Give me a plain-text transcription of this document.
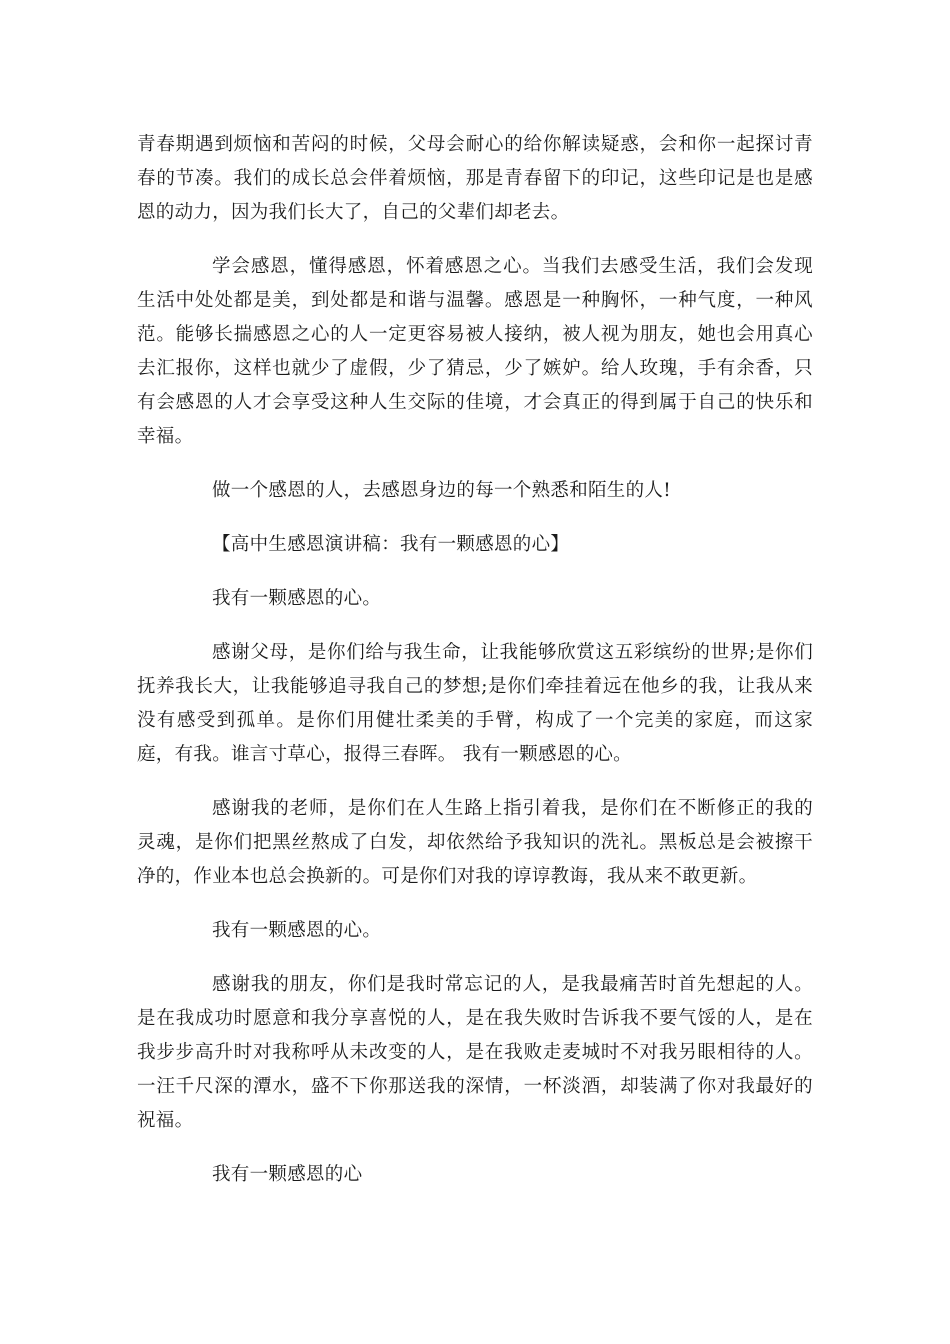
青春期遇到烦恼和苦闷的时候，父母会耐心的给你解读疑惑，会和你一起探讨青春的节凑。我们的成长总会伴着烦恼，那是青春留下的印记，这些印记是也是感恩的动力，因为我们长大了，自己的父辈们却老去。

学会感恩，懂得感恩，怀着感恩之心。当我们去感受生活，我们会发现生活中处处都是美，到处都是和谐与温馨。感恩是一种胸怀，一种气度，一种风范。能够长揣感恩之心的人一定更容易被人接纳，被人视为朋友，她也会用真心去汇报你，这样也就少了虚假，少了猜忌，少了嫉妒。给人玫瑰，手有余香，只有会感恩的人才会享受这种人生交际的佳境，才会真正的得到属于自己的快乐和幸福。

做一个感恩的人，去感恩身边的每一个熟悉和陌生的人!

【高中生感恩演讲稿：我有一颗感恩的心】

我有一颗感恩的心。

感谢父母，是你们给与我生命，让我能够欣赏这五彩缤纷的世界;是你们抚养我长大，让我能够追寻我自己的梦想;是你们牵挂着远在他乡的我，让我从来没有感受到孤单。是你们用健壮柔美的手臂，构成了一个完美的家庭，而这家庭，有我。谁言寸草心，报得三春晖。 我有一颗感恩的心。

感谢我的老师，是你们在人生路上指引着我，是你们在不断修正的我的灵魂，是你们把黑丝熬成了白发，却依然给予我知识的洗礼。黑板总是会被擦干净的，作业本也总会换新的。可是你们对我的谆谆教诲，我从来不敢更新。

我有一颗感恩的心。

感谢我的朋友，你们是我时常忘记的人，是我最痛苦时首先想起的人。是在我成功时愿意和我分享喜悦的人，是在我失败时告诉我不要气馁的人，是在我步步高升时对我称呼从未改变的人，是在我败走麦城时不对我另眼相待的人。一汪千尺深的潭水，盛不下你那送我的深情，一杯淡酒，却装满了你对我最好的祝福。

我有一颗感恩的心
